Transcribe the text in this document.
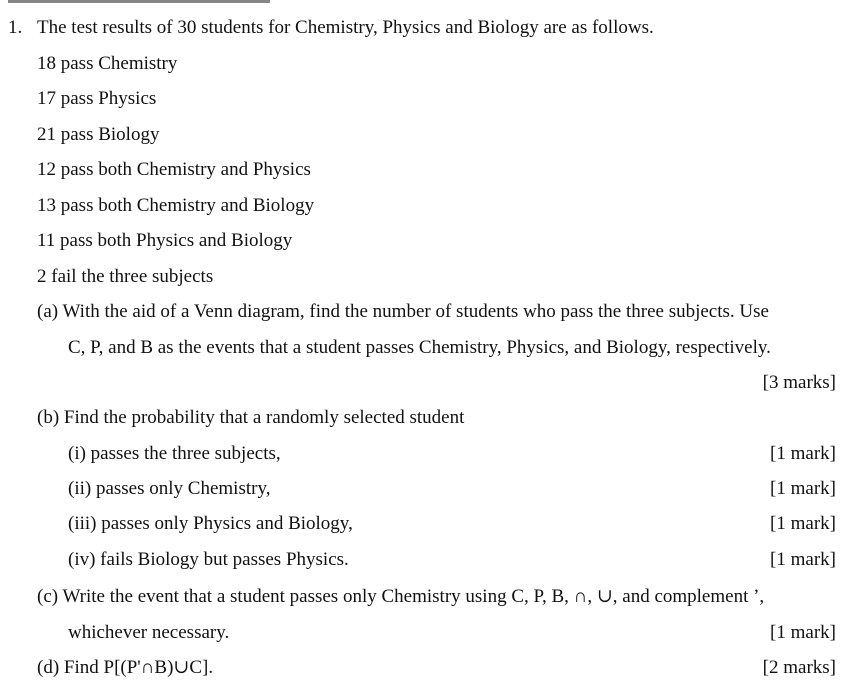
1. The test results of 30 students for Chemistry, Physics and Biology are as follows.
18 pass Chemistry
17 pass Physics
21 pass Biology
12 pass both Chemistry and Physics
13 pass both Chemistry and Biology
11 pass both Physics and Biology
2 fail the three subjects
(a) With the aid of a Venn diagram, find the number of students who pass the three subjects. Use
C, P, and B as the events that a student passes Chemistry, Physics, and Biology, respectively.
[3 marks]
(b) Find the probability that a randomly selected student
(i) passes the three subjects,	[1 mark]
(ii) passes only Chemistry,	[1 mark]
(iii) passes only Physics and Biology,	[1 mark]
(iv) fails Biology but passes Physics.	[1 mark]
(c) Write the event that a student passes only Chemistry using C, P, B, ∩, ∪, and complement ’,
whichever necessary.	[1 mark]
(d) Find P[(P'∩B)∪C].	[2 marks]
